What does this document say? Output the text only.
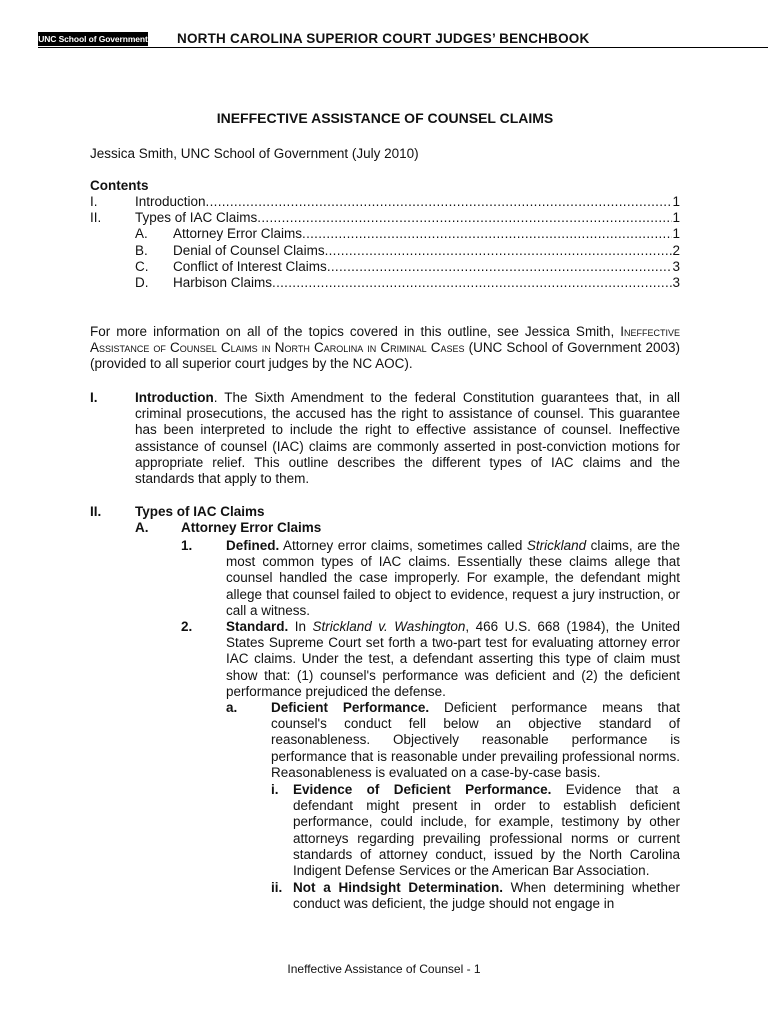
UNC School of Government NORTH CAROLINA SUPERIOR COURT JUDGES’ BENCHBOOK
INEFFECTIVE ASSISTANCE OF COUNSEL CLAIMS
Jessica Smith, UNC School of Government (July 2010)
Contents
I.	Introduction .....	1
II.	Types of IAC Claims .....	1
A.	Attorney Error Claims .....	1
B.	Denial of Counsel Claims .....	2
C.	Conflict of Interest Claims .....	3
D.	Harbison Claims .....	3
For more information on all of the topics covered in this outline, see Jessica Smith, Ineffective Assistance of Counsel Claims in North Carolina in Criminal Cases (UNC School of Government 2003) (provided to all superior court judges by the NC AOC).
I.	Introduction. The Sixth Amendment to the federal Constitution guarantees that, in all criminal prosecutions, the accused has the right to assistance of counsel. This guarantee has been interpreted to include the right to effective assistance of counsel. Ineffective assistance of counsel (IAC) claims are commonly asserted in post-conviction motions for appropriate relief. This outline describes the different types of IAC claims and the standards that apply to them.
II. Types of IAC Claims
A. Attorney Error Claims
1. Defined. Attorney error claims, sometimes called Strickland claims, are the most common types of IAC claims. Essentially these claims allege that counsel handled the case improperly. For example, the defendant might allege that counsel failed to object to evidence, request a jury instruction, or call a witness.
2. Standard. In Strickland v. Washington, 466 U.S. 668 (1984), the United States Supreme Court set forth a two-part test for evaluating attorney error IAC claims. Under the test, a defendant asserting this type of claim must show that: (1) counsel's performance was deficient and (2) the deficient performance prejudiced the defense.
a. Deficient Performance. Deficient performance means that counsel's conduct fell below an objective standard of reasonableness. Objectively reasonable performance is performance that is reasonable under prevailing professional norms. Reasonableness is evaluated on a case-by-case basis.
i. Evidence of Deficient Performance. Evidence that a defendant might present in order to establish deficient performance, could include, for example, testimony by other attorneys regarding prevailing professional norms or current standards of attorney conduct, issued by the North Carolina Indigent Defense Services or the American Bar Association.
ii. Not a Hindsight Determination. When determining whether conduct was deficient, the judge should not engage in
Ineffective Assistance of Counsel - 1
